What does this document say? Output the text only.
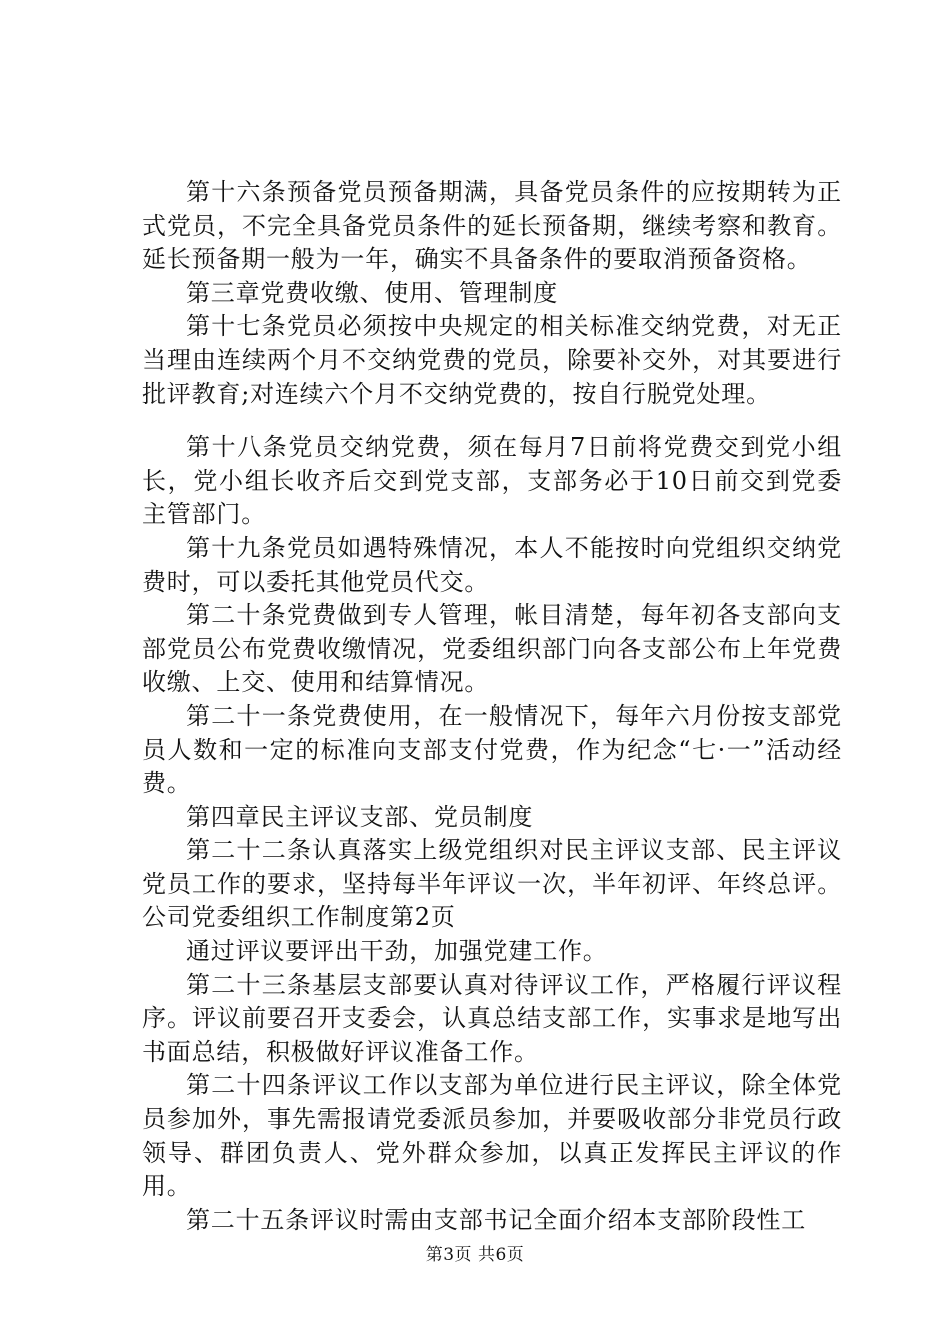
第十六条预备党员预备期满，具备党员条件的应按期转为正式党员，不完全具备党员条件的延长预备期，继续考察和教育。延长预备期一般为一年，确实不具备条件的要取消预备资格。

第三章党费收缴、使用、管理制度

第十七条党员必须按中央规定的相关标准交纳党费，对无正当理由连续两个月不交纳党费的党员，除要补交外，对其要进行批评教育;对连续六个月不交纳党费的，按自行脱党处理。

第十八条党员交纳党费，须在每月7日前将党费交到党小组长，党小组长收齐后交到党支部，支部务必于10日前交到党委主管部门。

第十九条党员如遇特殊情况，本人不能按时向党组织交纳党费时，可以委托其他党员代交。

第二十条党费做到专人管理，帐目清楚，每年初各支部向支部党员公布党费收缴情况，党委组织部门向各支部公布上年党费收缴、上交、使用和结算情况。

第二十一条党费使用，在一般情况下，每年六月份按支部党员人数和一定的标准向支部支付党费，作为纪念“七·一”活动经费。

第四章民主评议支部、党员制度

第二十二条认真落实上级党组织对民主评议支部、民主评议党员工作的要求，坚持每半年评议一次，半年初评、年终总评。公司党委组织工作制度第2页

通过评议要评出干劲，加强党建工作。

第二十三条基层支部要认真对待评议工作，严格履行评议程序。评议前要召开支委会，认真总结支部工作，实事求是地写出书面总结，积极做好评议准备工作。

第二十四条评议工作以支部为单位进行民主评议，除全体党员参加外，事先需报请党委派员参加，并要吸收部分非党员行政领导、群团负责人、党外群众参加，以真正发挥民主评议的作用。

第二十五条评议时需由支部书记全面介绍本支部阶段性工

第3页 共6页
